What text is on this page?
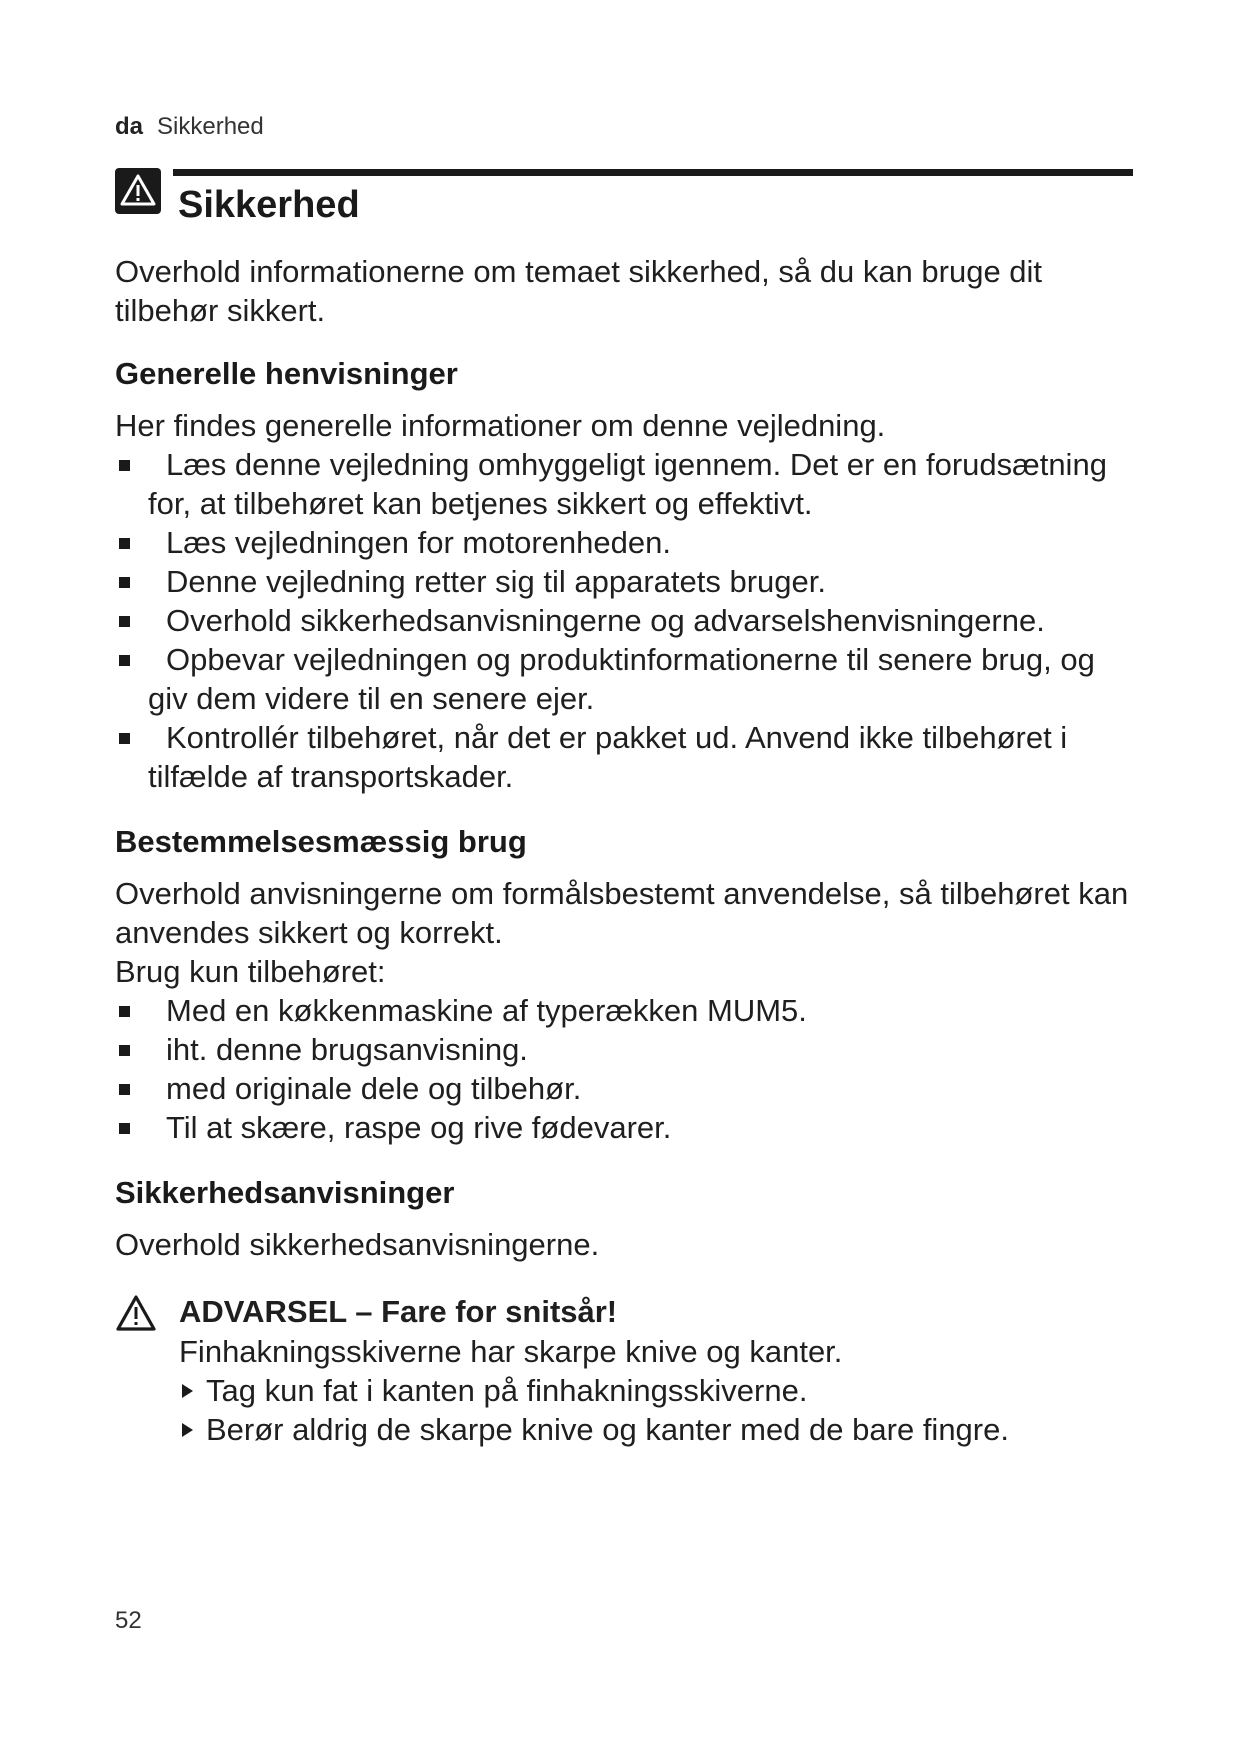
da Sikkerhed
Sikkerhed

Overhold informationerne om temaet sikkerhed, så du kan bruge dit tilbehør sikkert.

Generelle henvisninger

Her findes generelle informationer om denne vejledning.

Læs denne vejledning omhyggeligt igennem. Det er en forudsætning for, at tilbehøret kan betjenes sikkert og effektivt.
Læs vejledningen for motorenheden.
Denne vejledning retter sig til apparatets bruger.
Overhold sikkerhedsanvisningerne og advarselshenvisningerne.
Opbevar vejledningen og produktinformationerne til senere brug, og giv dem videre til en senere ejer.
Kontrollér tilbehøret, når det er pakket ud. Anvend ikke tilbehøret i tilfælde af transportskader.
Bestemmelsesmæssig brug

Overhold anvisningerne om formålsbestemt anvendelse, så tilbehøret kan anvendes sikkert og korrekt.

Brug kun tilbehøret:

Med en køkkenmaskine af typerækken MUM5.
iht. denne brugsanvisning.
med originale dele og tilbehør.
Til at skære, raspe og rive fødevarer.
Sikkerhedsanvisninger

Overhold sikkerhedsanvisningerne.

ADVARSEL – Fare for snitsår!

Finhakningsskiverne har skarpe knive og kanter.

Tag kun fat i kanten på finhakningsskiverne.
Berør aldrig de skarpe knive og kanter med de bare fingre.
52
